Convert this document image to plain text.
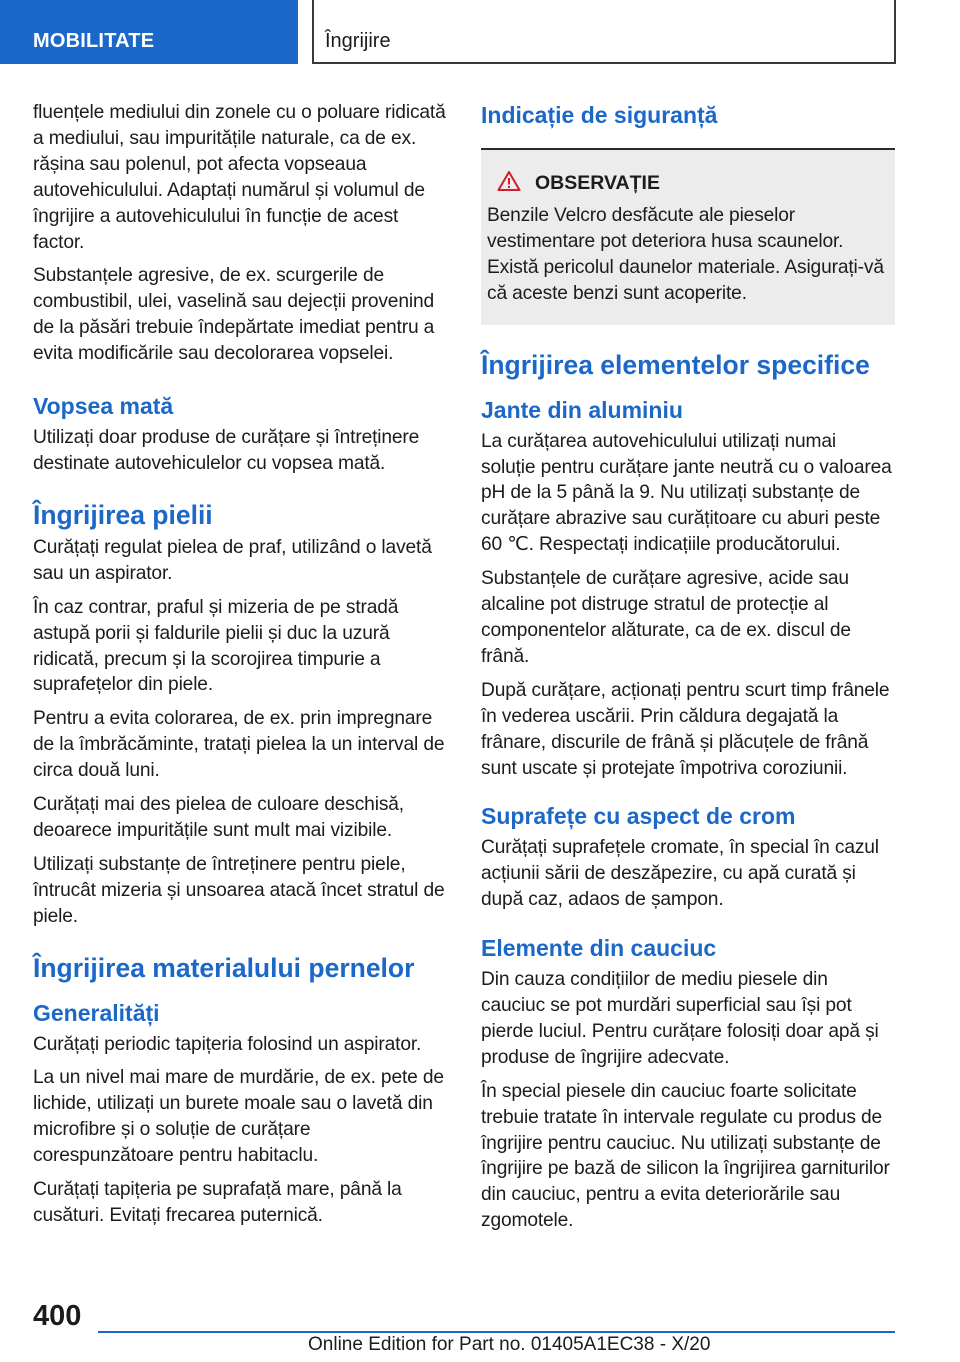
MOBILITATE	Îngrijire

fluențele mediului din zonele cu o poluare ridicată a mediului, sau impuritățile naturale, ca de ex. rășina sau polenul, pot afecta vopseaua autovehiculului. Adaptați numărul și volumul de îngrijire a autovehiculului în funcție de acest factor.

Substanțele agresive, de ex. scurgerile de combustibil, ulei, vaselină sau dejecții provenind de la păsări trebuie îndepărtate imediat pentru a evita modificările sau decolorarea vopselei.

Vopsea mată

Utilizați doar produse de curățare și întreținere destinate autovehiculelor cu vopsea mată.

Îngrijirea pielii

Curățați regulat pielea de praf, utilizând o lavetă sau un aspirator.

În caz contrar, praful și mizeria de pe stradă astupă porii și faldurile pielii și duc la uzură ridicată, precum și la scorojirea timpurie a suprafețelor din piele.

Pentru a evita colorarea, de ex. prin impregnare de la îmbrăcăminte, tratați pielea la un interval de circa două luni.

Curățați mai des pielea de culoare deschisă, deoarece impuritățile sunt mult mai vizibile.

Utilizați substanțe de întreținere pentru piele, întrucât mizeria și unsoarea atacă încet stratul de piele.

Îngrijirea materialului pernelor
Generalități

Curățați periodic tapițeria folosind un aspirator.

La un nivel mai mare de murdărie, de ex. pete de lichide, utilizați un burete moale sau o lavetă din microfibre și o soluție de curățare corespunzătoare pentru habitaclu.

Curățați tapițeria pe suprafață mare, până la cusături. Evitați frecarea puternică.

Indicație de siguranță
OBSERVAȚIE

Benzile Velcro desfăcute ale pieselor vestimentare pot deteriora husa scaunelor. Există pericolul daunelor materiale. Asigurați-vă că aceste benzi sunt acoperite.

Îngrijirea elementelor specifice
Jante din aluminiu

La curățarea autovehiculului utilizați numai soluție pentru curățare jante neutră cu o valoarea pH de la 5 până la 9. Nu utilizați substanțe de curățare abrazive sau curățitoare cu aburi peste 60 ℃. Respectați indicațiile producătorului.

Substanțele de curățare agresive, acide sau alcaline pot distruge stratul de protecție al componentelor alăturate, ca de ex. discul de frână.

După curățare, acționați pentru scurt timp frânele în vederea uscării. Prin căldura degajată la frânare, discurile de frână și plăcuțele de frână sunt uscate și protejate împotriva coroziunii.

Suprafețe cu aspect de crom

Curățați suprafețele cromate, în special în cazul acțiunii sării de deszăpezire, cu apă curată și după caz, adaos de șampon.

Elemente din cauciuc

Din cauza condițiilor de mediu piesele din cauciuc se pot murdări superficial sau își pot pierde luciul. Pentru curățare folosiți doar apă și produse de îngrijire adecvate.

În special piesele din cauciuc foarte solicitate trebuie tratate în intervale regulate cu produs de îngrijire pentru cauciuc. Nu utilizați substanțe de îngrijire pe bază de silicon la îngrijirea garniturilor din cauciuc, pentru a evita deteriorările sau zgomotele.

400
Online Edition for Part no. 01405A1EC38 - X/20
